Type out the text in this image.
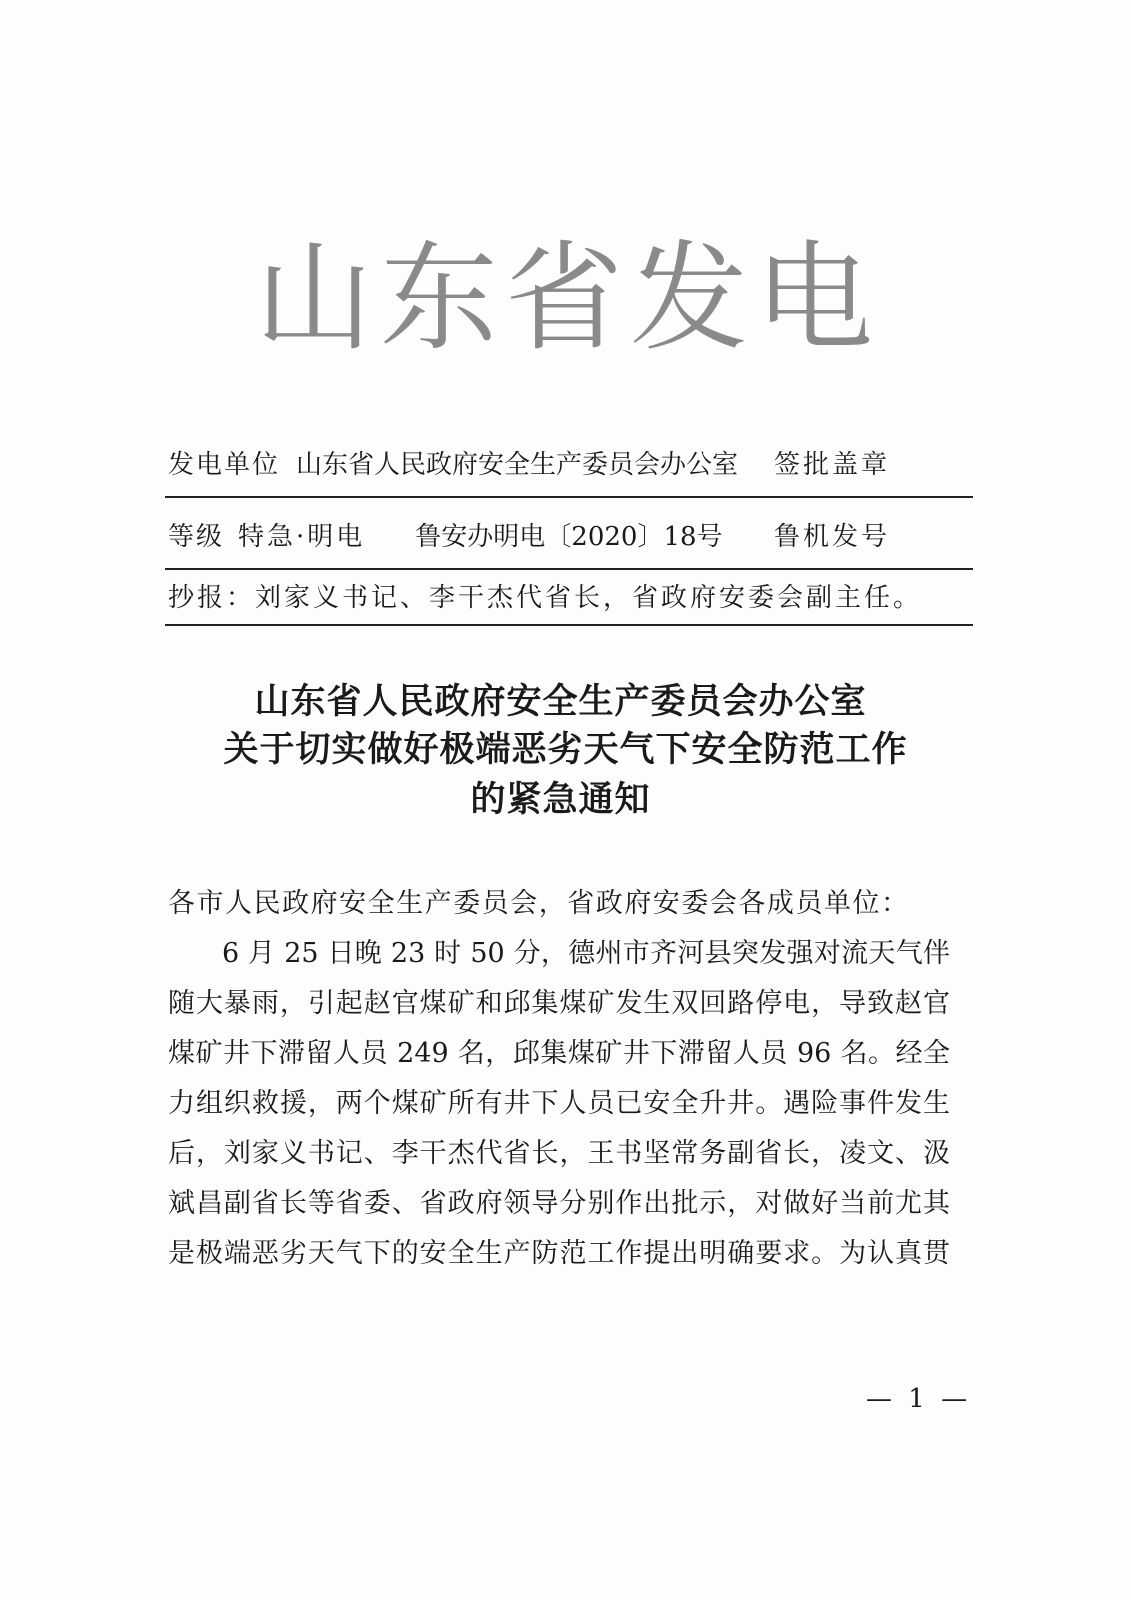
山东省发电
发电单位 山东省人民政府安全生产委员会办公室 签批盖章
等级 特急·明电 鲁安办明电〔2020〕18号 鲁机发号
抄报：刘家义书记、李干杰代省长，省政府安委会副主任。
山东省人民政府安全生产委员会办公室
关于切实做好极端恶劣天气下安全防范工作
的紧急通知
各市人民政府安全生产委员会，省政府安委会各成员单位：
6 月 25 日晚 23 时 50 分，德州市齐河县突发强对流天气伴
随大暴雨，引起赵官煤矿和邱集煤矿发生双回路停电，导致赵官
煤矿井下滞留人员 249 名，邱集煤矿井下滞留人员 96 名。经全
力组织救援，两个煤矿所有井下人员已安全升井。遇险事件发生
后，刘家义书记、李干杰代省长，王书坚常务副省长，凌文、汲
斌昌副省长等省委、省政府领导分别作出批示，对做好当前尤其
是极端恶劣天气下的安全生产防范工作提出明确要求。为认真贯
— 1 —
